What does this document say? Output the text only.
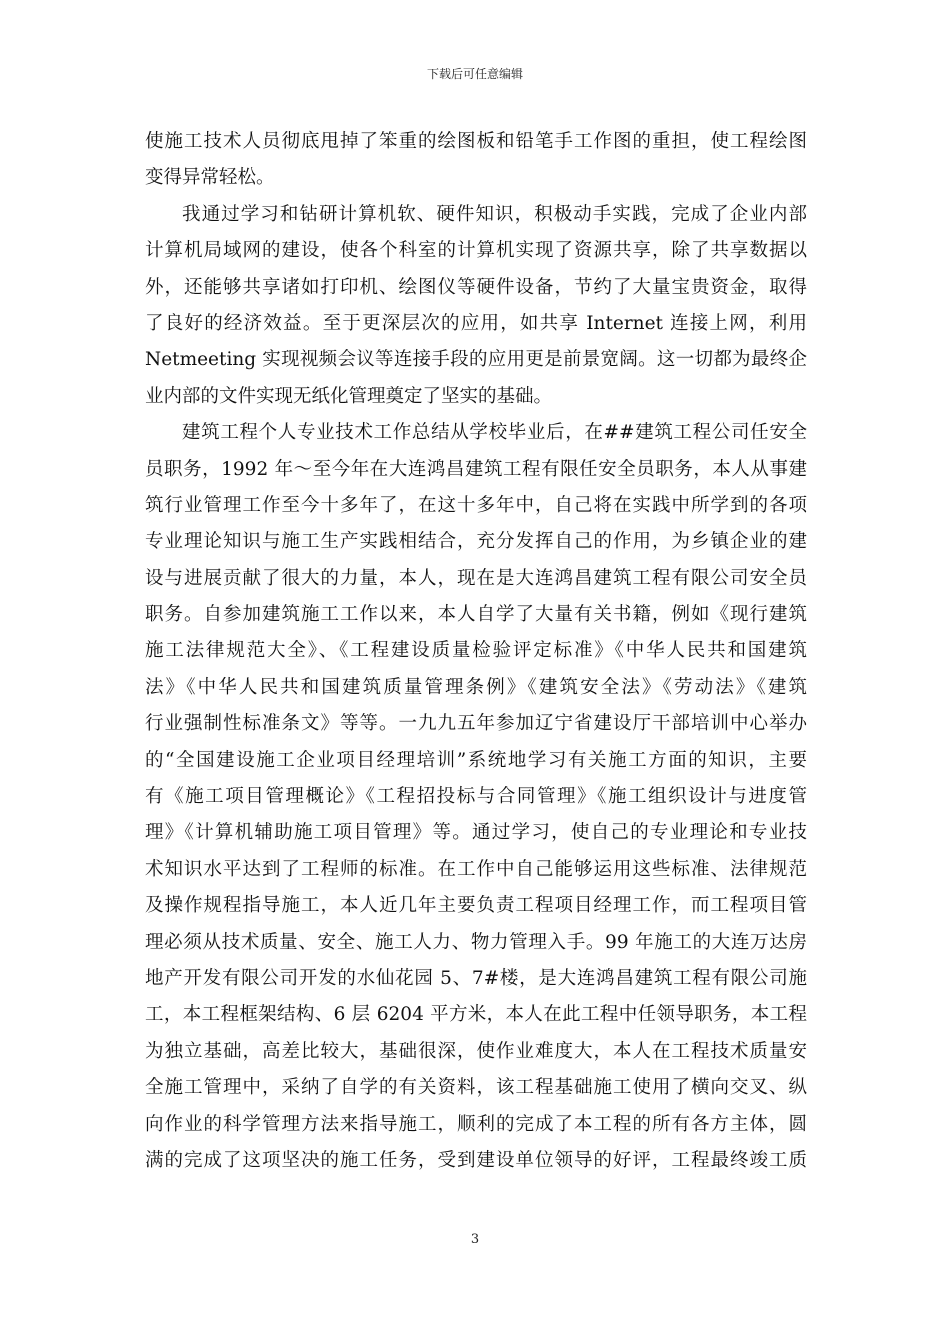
下载后可任意编辑
使施工技术人员彻底甩掉了笨重的绘图板和铅笔手工作图的重担，使工程绘图
变得异常轻松。
我通过学习和钻研计算机软、硬件知识，积极动手实践，完成了企业内部
计算机局域网的建设，使各个科室的计算机实现了资源共享，除了共享数据以
外，还能够共享诸如打印机、绘图仪等硬件设备，节约了大量宝贵资金，取得
了良好的经济效益。至于更深层次的应用，如共享 Internet 连接上网，利用
Netmeeting 实现视频会议等连接手段的应用更是前景宽阔。这一切都为最终企
业内部的文件实现无纸化管理奠定了坚实的基础。
建筑工程个人专业技术工作总结从学校毕业后，在##建筑工程公司任安全
员职务，1992 年～至今年在大连鸿昌建筑工程有限任安全员职务，本人从事建
筑行业管理工作至今十多年了，在这十多年中，自己将在实践中所学到的各项
专业理论知识与施工生产实践相结合，充分发挥自己的作用，为乡镇企业的建
设与进展贡献了很大的力量，本人，现在是大连鸿昌建筑工程有限公司安全员
职务。自参加建筑施工工作以来，本人自学了大量有关书籍，例如《现行建筑
施工法律规范大全》、《工程建设质量检验评定标准》《中华人民共和国建筑
法》《中华人民共和国建筑质量管理条例》《建筑安全法》《劳动法》《建筑
行业强制性标准条文》等等。一九九五年参加辽宁省建设厅干部培训中心举办
的“全国建设施工企业项目经理培训”系统地学习有关施工方面的知识，主要
有《施工项目管理概论》《工程招投标与合同管理》《施工组织设计与进度管
理》《计算机辅助施工项目管理》等。通过学习，使自己的专业理论和专业技
术知识水平达到了工程师的标准。在工作中自己能够运用这些标准、法律规范
及操作规程指导施工，本人近几年主要负责工程项目经理工作，而工程项目管
理必须从技术质量、安全、施工人力、物力管理入手。99 年施工的大连万达房
地产开发有限公司开发的水仙花园 5、7#楼，是大连鸿昌建筑工程有限公司施
工，本工程框架结构、6 层 6204 平方米，本人在此工程中任领导职务，本工程
为独立基础，高差比较大，基础很深，使作业难度大，本人在工程技术质量安
全施工管理中，采纳了自学的有关资料，该工程基础施工使用了横向交叉、纵
向作业的科学管理方法来指导施工，顺利的完成了本工程的所有各方主体，圆
满的完成了这项坚决的施工任务，受到建设单位领导的好评，工程最终竣工质
3
